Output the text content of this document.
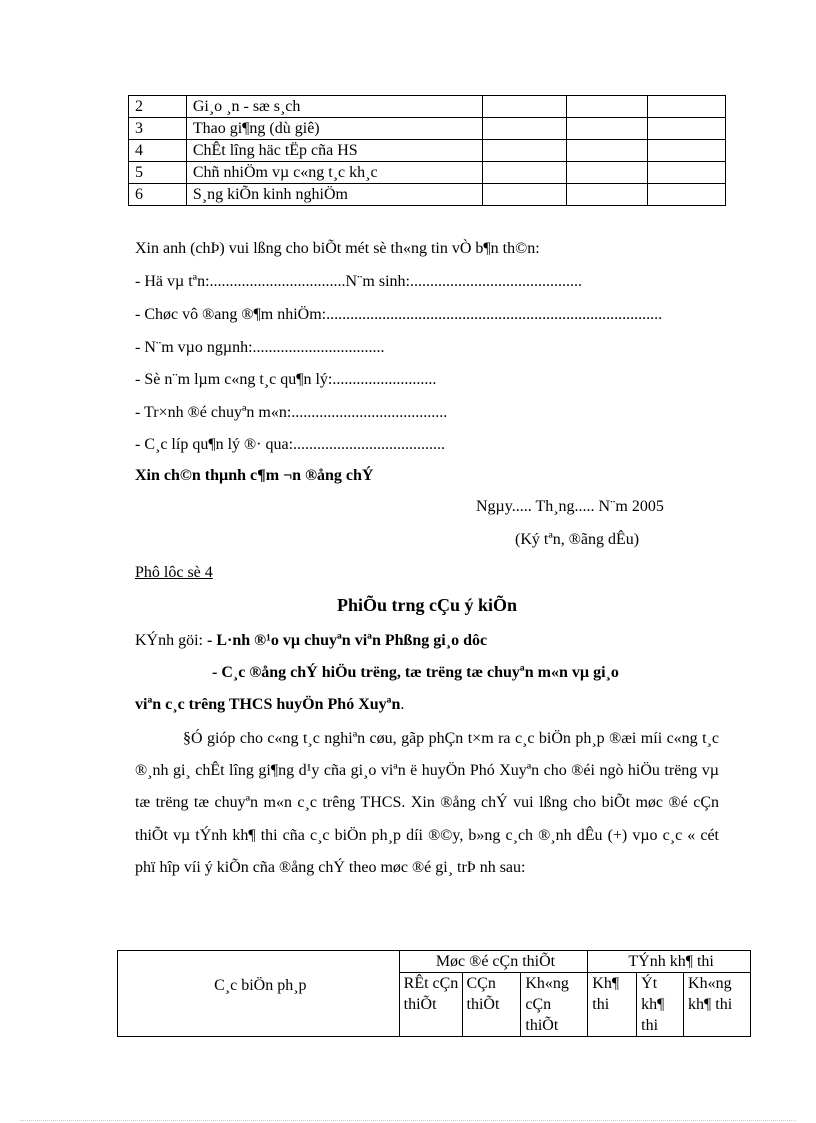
2	Gi¸o ¸n - sæ s¸ch			
3	Thao gi¶ng (dù giê)			
4	ChÊt lîng häc tËp cña HS			
5	Chñ nhiÖm vµ c«ng t¸c kh¸c			
6	S¸ng kiÕn kinh nghiÖm			
Xin anh (chÞ) vui lßng cho biÕt mét sè th«ng tin vÒ b¶n th©n:
- Hä vµ tªn:..................................N¨m sinh:...........................................
- Chøc vô ®ang ®¶m nhiÖm:....................................................................................
- N¨m vµo ngµnh:.................................
- Sè n¨m lµm c«ng t¸c qu¶n lý:..........................
- Tr×nh ®é chuyªn m«n:.......................................
- C¸c líp qu¶n lý ®· qua:......................................
Xin ch©n thµnh c¶m ¬n ®ång chÝ
Ngµy..... Th¸ng..... N¨m 2005
(Ký tªn, ®ãng dÊu)
Phô lôc sè 4
PhiÕu trng cÇu ý kiÕn
KÝnh göi: - L·nh ®¹o vµ chuyªn viªn Phßng gi¸o dôc
- C¸c ®ång chÝ hiÖu trëng, tæ trëng tæ chuyªn m«n vµ gi¸o
viªn c¸c trêng THCS huyÖn Phó Xuyªn.
§Ó gióp cho c«ng t¸c nghiªn cøu, gãp phÇn t×m ra c¸c biÖn ph¸p ®æi míi c«ng t¸c ®¸nh gi¸ chÊt lîng gi¶ng d¹y cña gi¸o viªn ë huyÖn Phó Xuyªn cho ®éi ngò hiÖu trëng vµ tæ trëng tæ chuyªn m«n c¸c trêng THCS. Xin ®ång chÝ vui lßng cho biÕt møc ®é cÇn thiÕt vµ tÝnh kh¶ thi cña c¸c biÖn ph¸p díi ®©y, b»ng c¸ch ®¸nh dÊu (+) vµo c¸c « cét phï hîp víi ý kiÕn cña ®ång chÝ theo møc ®é gi¸ trÞ nh sau:
C¸c biÖn ph¸p	Møc ®é cÇn thiÕt			TÝnh kh¶ thi		
	RÊt cÇn thiÕt	CÇn thiÕt	Kh«ng cÇn thiÕt	Kh¶ thi	Ýt kh¶ thi	Kh«ng kh¶ thi
